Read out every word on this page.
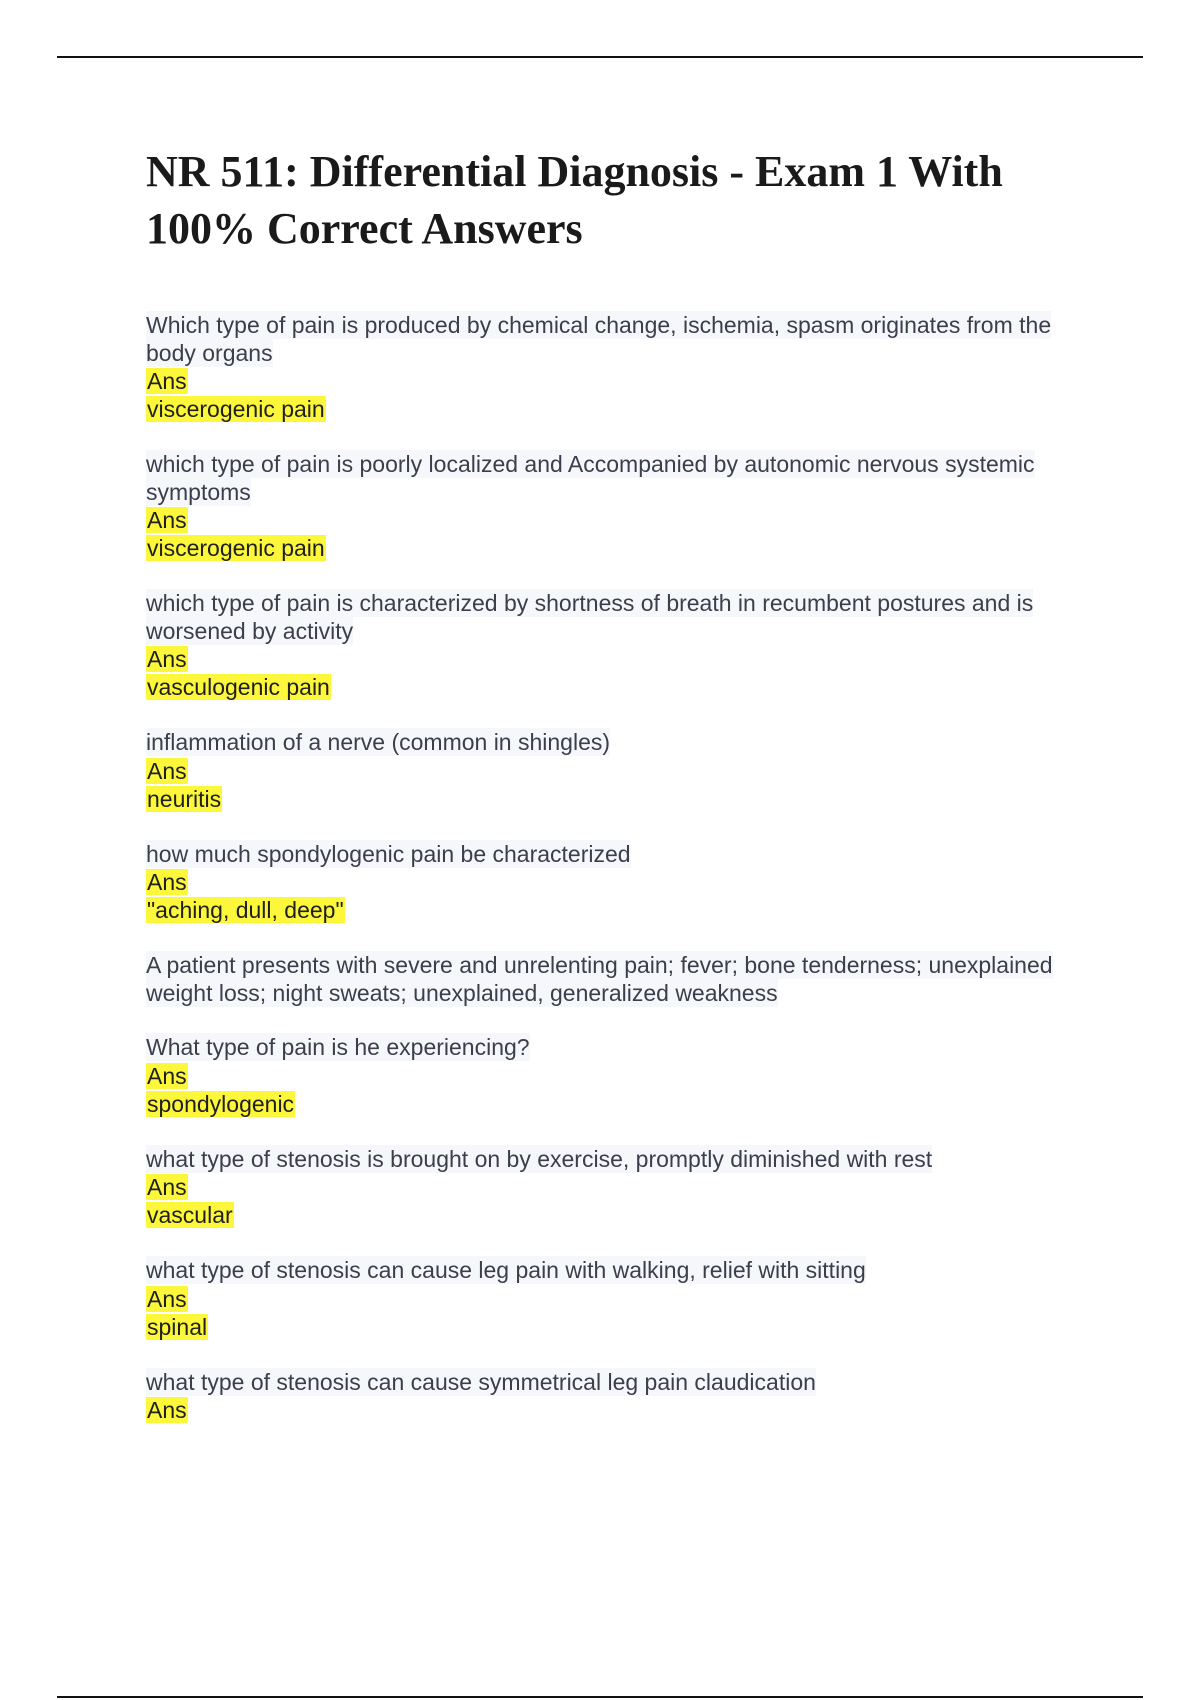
NR 511: Differential Diagnosis - Exam 1 With 100% Correct Answers
Which type of pain is produced by chemical change, ischemia, spasm originates from the body organs
Ans
viscerogenic pain
which type of pain is poorly localized and Accompanied by autonomic nervous systemic symptoms
Ans
viscerogenic pain
which type of pain is characterized by shortness of breath in recumbent postures and is worsened by activity
Ans
vasculogenic pain
inflammation of a nerve (common in shingles)
Ans
neuritis
how much spondylogenic pain be characterized
Ans
"aching, dull, deep"
A patient presents with severe and unrelenting pain; fever; bone tenderness; unexplained weight loss; night sweats; unexplained, generalized weakness
What type of pain is he experiencing?
Ans
spondylogenic
what type of stenosis is brought on by exercise, promptly diminished with rest
Ans
vascular
what type of stenosis can cause leg pain with walking, relief with sitting
Ans
spinal
what type of stenosis can cause symmetrical leg pain claudication
Ans
